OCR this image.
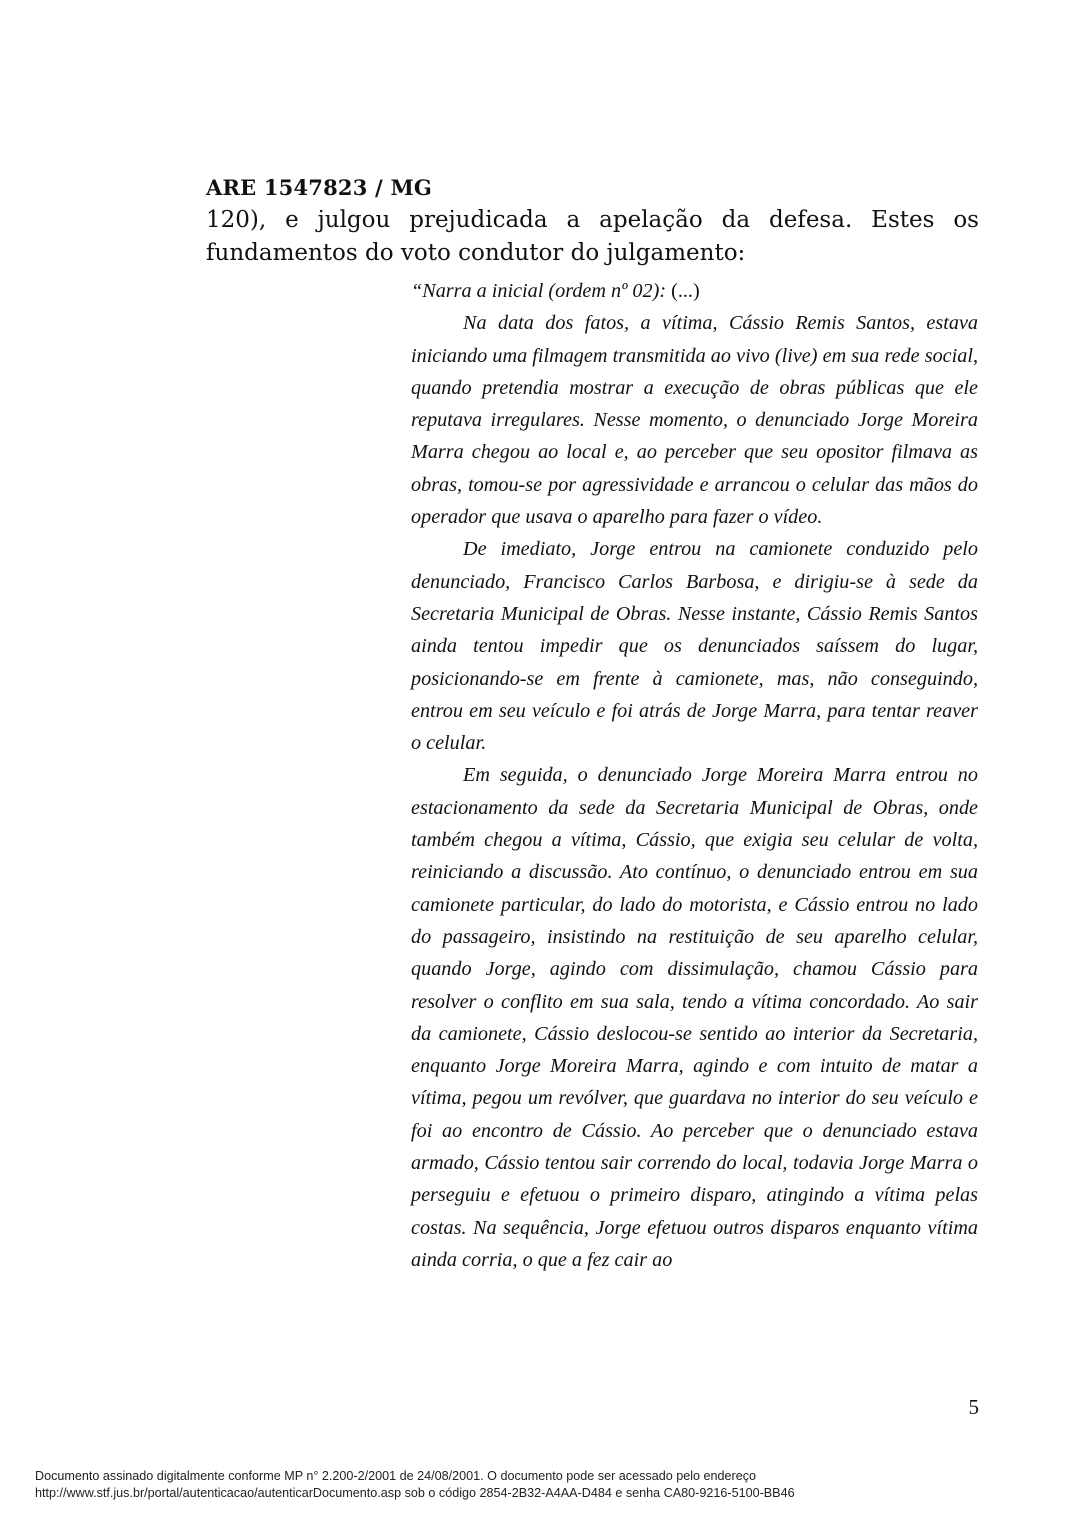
ARE 1547823 / MG

120), e julgou prejudicada a apelação da defesa. Estes os fundamentos do voto condutor do julgamento:

“Narra a inicial (ordem nº 02): (...)

Na data dos fatos, a vítima, Cássio Remis Santos, estava iniciando uma filmagem transmitida ao vivo (live) em sua rede social, quando pretendia mostrar a execução de obras públicas que ele reputava irregulares. Nesse momento, o denunciado Jorge Moreira Marra chegou ao local e, ao perceber que seu opositor filmava as obras, tomou-se por agressividade e arrancou o celular das mãos do operador que usava o aparelho para fazer o vídeo.

De imediato, Jorge entrou na camionete conduzido pelo denunciado, Francisco Carlos Barbosa, e dirigiu-se à sede da Secretaria Municipal de Obras. Nesse instante, Cássio Remis Santos ainda tentou impedir que os denunciados saíssem do lugar, posicionando-se em frente à camionete, mas, não conseguindo, entrou em seu veículo e foi atrás de Jorge Marra, para tentar reaver o celular.

Em seguida, o denunciado Jorge Moreira Marra entrou no estacionamento da sede da Secretaria Municipal de Obras, onde também chegou a vítima, Cássio, que exigia seu celular de volta, reiniciando a discussão. Ato contínuo, o denunciado entrou em sua camionete particular, do lado do motorista, e Cássio entrou no lado do passageiro, insistindo na restituição de seu aparelho celular, quando Jorge, agindo com dissimulação, chamou Cássio para resolver o conflito em sua sala, tendo a vítima concordado. Ao sair da camionete, Cássio deslocou-se sentido ao interior da Secretaria, enquanto Jorge Moreira Marra, agindo e com intuito de matar a vítima, pegou um revólver, que guardava no interior do seu veículo e foi ao encontro de Cássio. Ao perceber que o denunciado estava armado, Cássio tentou sair correndo do local, todavia Jorge Marra o perseguiu e efetuou o primeiro disparo, atingindo a vítima pelas costas. Na sequência, Jorge efetuou outros disparos enquanto vítima ainda corria, o que a fez cair ao

5
Documento assinado digitalmente conforme MP n° 2.200-2/2001 de 24/08/2001. O documento pode ser acessado pelo endereço
http://www.stf.jus.br/portal/autenticacao/autenticarDocumento.asp sob o código 2854-2B32-A4AA-D484 e senha CA80-9216-5100-BB46
